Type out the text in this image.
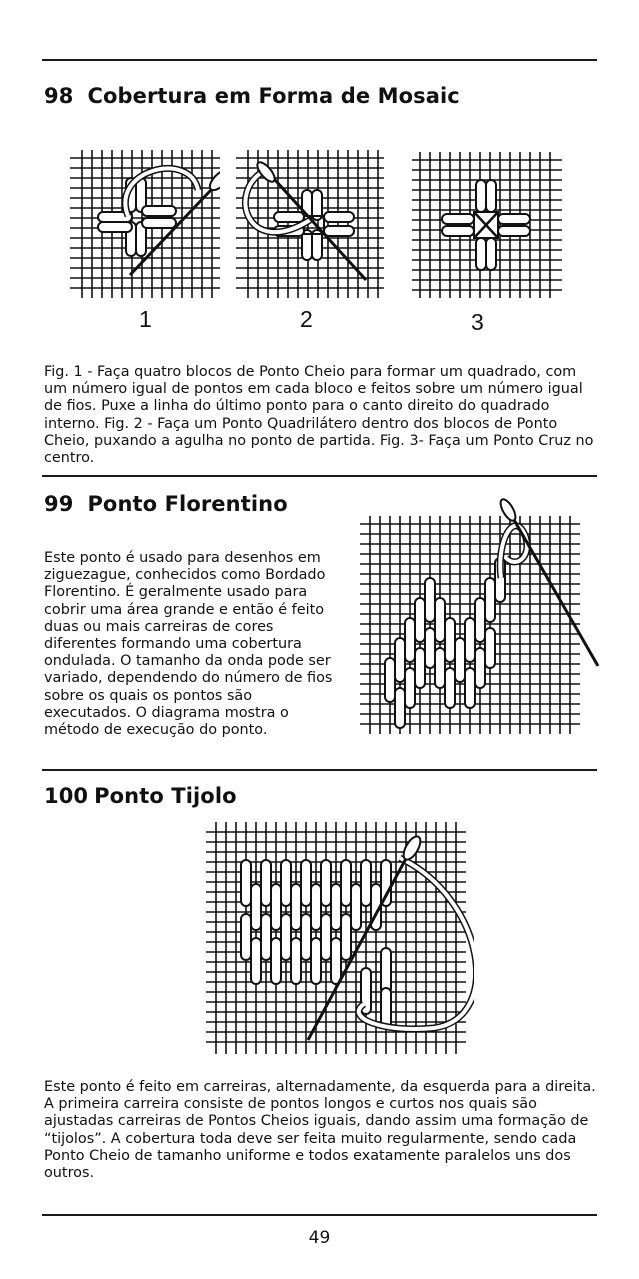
98 Cobertura em Forma de Mosaic
1	2	3

Fig. 1 - Faça quatro blocos de Ponto Cheio para formar um quadrado, com um número igual de pontos em cada bloco e feitos sobre um número igual de fios. Puxe a linha do último ponto para o canto direito do quadrado interno. Fig. 2 - Faça um Ponto Quadrilátero dentro dos blocos de Ponto Cheio, puxando a agulha no ponto de partida. Fig. 3- Faça um Ponto Cruz no centro.

99 Ponto Florentino

Este ponto é usado para desenhos em ziguezague, conhecidos como Bordado Florentino. É geralmente usado para cobrir uma área grande e então é feito duas ou mais carreiras de cores diferentes formando uma cobertura ondulada. O tamanho da onda pode ser variado, dependendo do número de fios sobre os quais os pontos são executados. O diagrama mostra o método de execução do ponto.

100 Ponto Tijolo

Este ponto é feito em carreiras, alternadamente, da esquerda para a direita. A primeira carreira consiste de pontos longos e curtos nos quais são ajustadas carreiras de Pontos Cheios iguais, dando assim uma formação de “tijolos”. A cobertura toda deve ser feita muito regularmente, sendo cada Ponto Cheio de tamanho uniforme e todos exatamente paralelos uns dos outros.

49
